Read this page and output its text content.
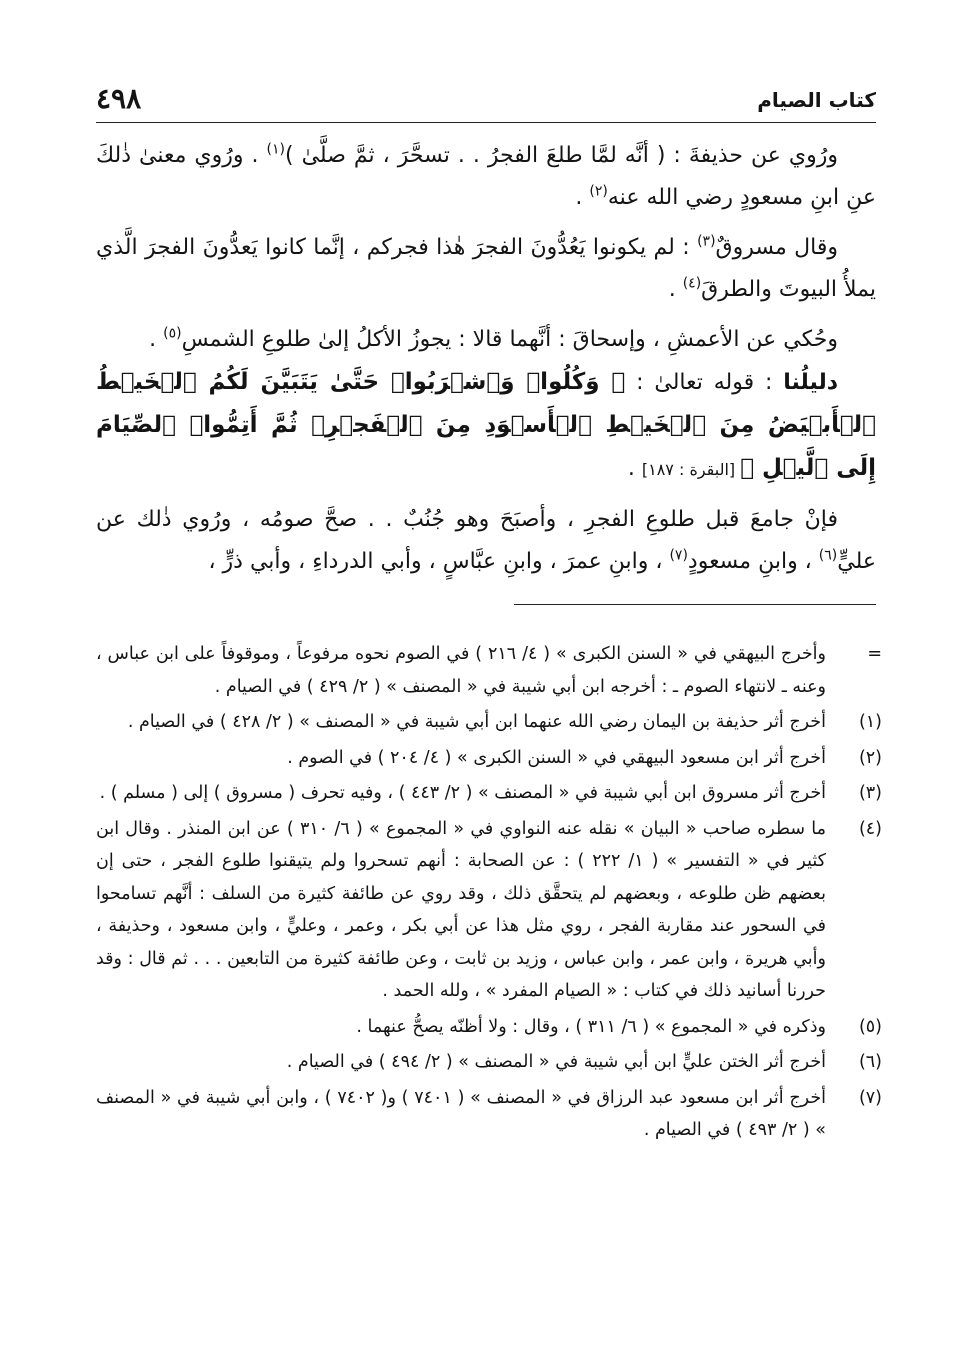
٤٩٨	كتاب الصيام

ورُوي عن حذيفةَ : ( أنَّه لمَّا طلعَ الفجرُ . . تسحَّرَ ، ثمَّ صلَّىٰ )$^{(١)}$ . ورُوي معنىٰ ذٰلكَ عنِ ابنِ مسعودٍ رضي الله عنه$^{(٢)}$ .

وقال مسروقٌ$^{(٣)}$ : لم يكونوا يَعُدُّونَ الفجرَ هٰذا فجركم ، إنَّما كانوا يَعدُّونَ الفجرَ الَّذي يملأُ البيوتَ والطرقَ$^{(٤)}$ .

وحُكي عن الأعمشِ ، وإسحاقَ : أنَّهما قالا : يجوزُ الأكلُ إلىٰ طلوعِ الشمسِ$^{(٥)}$ .

دليلُنا : قوله تعالىٰ : ﴿ وَكُلُوا۟ وَٱشۡرَبُوا۟ حَتَّىٰ يَتَبَيَّنَ لَكُمُ ٱلۡخَيۡطُ ٱلۡأَبۡيَضُ مِنَ ٱلۡخَيۡطِ ٱلۡأَسۡوَدِ مِنَ ٱلۡفَجۡرِۖ ثُمَّ أَتِمُّوا۟ ٱلصِّيَامَ إِلَى ٱلَّيۡلِ ﴾ [البقرة : ١٨٧] .

فإنْ جامعَ قبل طلوعِ الفجرِ ، وأصبَحَ وهو جُنُبٌ . . صحَّ صومُه ، ورُوي ذٰلك عن عليٍّ$^{(٦)}$ ، وابنِ مسعودٍ$^{(٧)}$ ، وابنِ عمرَ ، وابنِ عبَّاسٍ ، وأبي الدرداءِ ، وأبي ذرٍّ ،

=
وأخرج البيهقي في « السنن الكبرى » ( ٤/ ٢١٦ ) في الصوم نحوه مرفوعاً ، وموقوفاً على ابن عباس ، وعنه ـ لانتهاء الصوم ـ : أخرجه ابن أبي شيبة في « المصنف » ( ٢/ ٤٢٩ ) في الصيام .
(١)
أخرج أثر حذيفة بن اليمان رضي الله عنهما ابن أبي شيبة في « المصنف » ( ٢/ ٤٢٨ ) في الصيام .
(٢)
أخرج أثر ابن مسعود البيهقي في « السنن الكبرى » ( ٤/ ٢٠٤ ) في الصوم .
(٣)
أخرج أثر مسروق ابن أبي شيبة في « المصنف » ( ٢/ ٤٤٣ ) ، وفيه تحرف ( مسروق ) إلى ( مسلم ) .
(٤)
ما سطره صاحب « البيان » نقله عنه النواوي في « المجموع » ( ٦/ ٣١٠ ) عن ابن المنذر . وقال ابن كثير في « التفسير » ( ١/ ٢٢٢ ) : عن الصحابة : أنهم تسحروا ولم يتيقنوا طلوع الفجر ، حتى إن بعضهم ظن طلوعه ، وبعضهم لم يتحقَّق ذلك ، وقد روي عن طائفة كثيرة من السلف : أنَّهم تسامحوا في السحور عند مقاربة الفجر ، روي مثل هذا عن أبي بكر ، وعمر ، وعليٍّ ، وابن مسعود ، وحذيفة ، وأبي هريرة ، وابن عمر ، وابن عباس ، وزيد بن ثابت ، وعن طائفة كثيرة من التابعين . . . ثم قال : وقد حررنا أسانيد ذلك في كتاب : « الصيام المفرد » ، ولله الحمد .
(٥)
وذكره في « المجموع » ( ٦/ ٣١١ ) ، وقال : ولا أظنّه يصحُّ عنهما .
(٦)
أخرج أثر الختن عليٍّ ابن أبي شيبة في « المصنف » ( ٢/ ٤٩٤ ) في الصيام .
(٧)
أخرج أثر ابن مسعود عبد الرزاق في « المصنف » ( ٧٤٠١ ) و( ٧٤٠٢ ) ، وابن أبي شيبة في « المصنف » ( ٢/ ٤٩٣ ) في الصيام .
